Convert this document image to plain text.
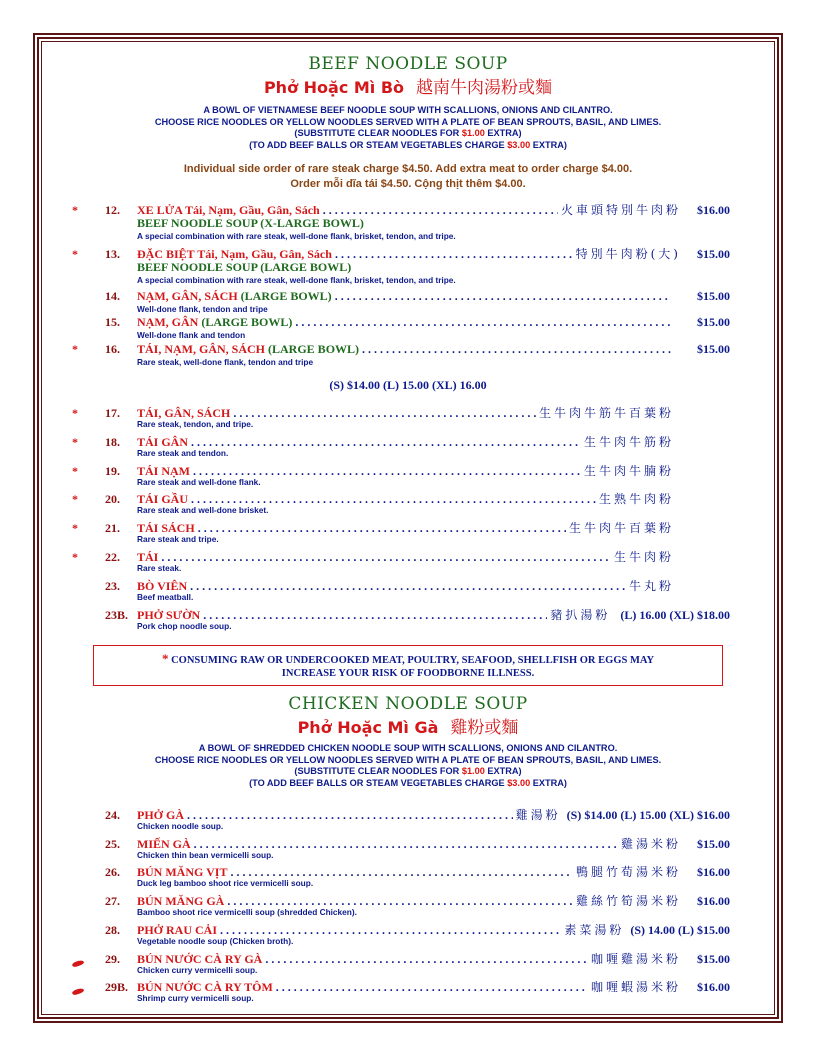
BEEF NOODLE SOUP
Phở Hoặc Mì Bò 越南牛肉湯粉或麵
A BOWL OF VIETNAMESE BEEF NOODLE SOUP WITH SCALLIONS, ONIONS AND CILANTRO.
CHOOSE RICE NOODLES OR YELLOW NOODLES SERVED WITH A PLATE OF BEAN SPROUTS, BASIL, AND LIMES.
(SUBSTITUTE CLEAR NOODLES FOR $1.00 EXTRA)
(TO ADD BEEF BALLS OR STEAM VEGETABLES CHARGE $3.00 EXTRA)
Individual side order of rare steak charge $4.50. Add extra meat to order charge $4.00.
Order mỗi dĩa tái $4.50. Cộng thịt thêm $4.00.
*	12.	XE LỬA Tái, Nạm, Gầu, Gân, Sách . . .	火車頭特別牛肉粉 $16.00
BEEF NOODLE SOUP (X-LARGE BOWL)
A special combination with rare steak, well-done flank, brisket, tendon, and tripe.
*	13.	ĐẶC BIỆT Tái, Nạm, Gầu, Gân, Sách . . .	特別牛肉粉(大) $15.00
BEEF NOODLE SOUP (LARGE BOWL)
A special combination with rare steak, well-done flank, brisket, tendon, and tripe.
14.	NẠM, GÂN, SÁCH (LARGE BOWL) . . .	$15.00
Well-done flank, tendon and tripe
15.	NẠM, GÂN (LARGE BOWL) . . .	$15.00
Well-done flank and tendon
*	16.	TÁI, NẠM, GÂN, SÁCH (LARGE BOWL) . . .	$15.00
Rare steak, well-done flank, tendon and tripe
(S) $14.00 (L) 15.00 (XL) 16.00
*	17.	TÁI, GÂN, SÁCH . . .	生牛肉牛筋牛百葉粉
Rare steak, tendon, and tripe.
*	18.	TÁI GÂN . . .	生牛肉牛筋粉
Rare steak and tendon.
*	19.	TÁI NẠM . . .	生牛肉牛腩粉
Rare steak and well-done flank.
*	20.	TÁI GẦU . . .	生熟牛肉粉
Rare steak and well-done brisket.
*	21.	TÁI SÁCH . . .	生牛肉牛百葉粉
Rare steak and tripe.
*	22.	TÁI . . .	生牛肉粉
Rare steak.
23.	BÒ VIÊN . . .	牛丸粉
Beef meatball.
23B. PHỞ SƯỜN . . .	豬扒湯粉 (L) 16.00 (XL) $18.00
Pork chop noodle soup.
* CONSUMING RAW OR UNDERCOOKED MEAT, POULTRY, SEAFOOD, SHELLFISH OR EGGS MAY
INCREASE YOUR RISK OF FOODBORNE ILLNESS.
CHICKEN NOODLE SOUP
Phở Hoặc Mì Gà 雞粉或麵
A BOWL OF SHREDDED CHICKEN NOODLE SOUP WITH SCALLIONS, ONIONS AND CILANTRO.
CHOOSE RICE NOODLES OR YELLOW NOODLES SERVED WITH A PLATE OF BEAN SPROUTS, BASIL, AND LIMES.
(SUBSTITUTE CLEAR NOODLES FOR $1.00 EXTRA)
(TO ADD BEEF BALLS OR STEAM VEGETABLES CHARGE $3.00 EXTRA)
24.	PHỞ GÀ . . .	雞湯粉 (S) $14.00 (L) 15.00 (XL) $16.00
Chicken noodle soup.
25.	MIẾN GÀ . . .	雞湯米粉 $15.00
Chicken thin bean vermicelli soup.
26.	BÚN MĂNG VỊT . . .	鴨腿竹荀湯米粉 $16.00
Duck leg bamboo shoot rice vermicelli soup.
27.	BÚN MĂNG GÀ . . .	雞絲竹筍湯米粉 $16.00
Bamboo shoot rice vermicelli soup (shredded Chicken).
28.	PHỞ RAU CẢI . . .	素菜湯粉 (S) 14.00 (L) $15.00
Vegetable noodle soup (Chicken broth).
29.	BÚN NƯỚC CÀ RY GÀ . . .	咖喱雞湯米粉 $15.00
Chicken curry vermicelli soup.
29B. BÚN NƯỚC CÀ RY TÔM . . .	咖喱蝦湯米粉 $16.00
Shrimp curry vermicelli soup.
